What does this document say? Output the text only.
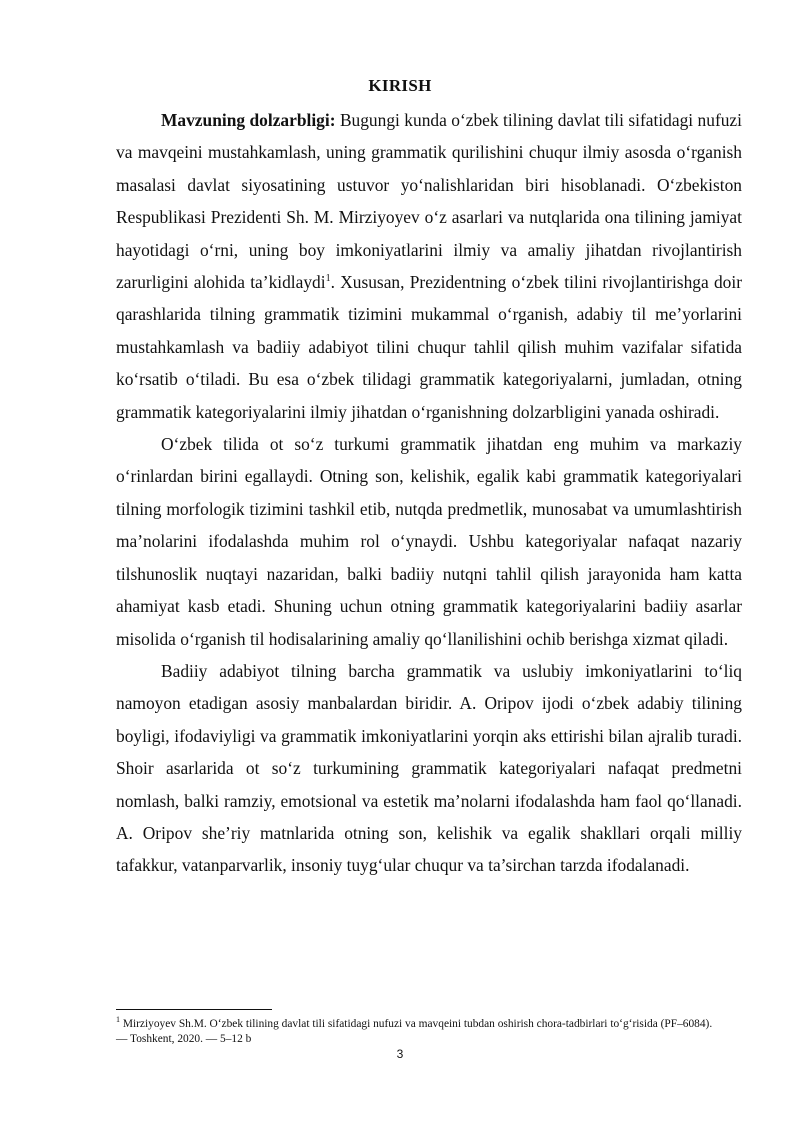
KIRISH

Mavzuning dolzarbligi: Bugungi kunda o‘zbek tilining davlat tili sifatidagi nufuzi va mavqeini mustahkamlash, uning grammatik qurilishini chuqur ilmiy asosda o‘rganish masalasi davlat siyosatining ustuvor yo‘nalishlaridan biri hisoblanadi. O‘zbekiston Respublikasi Prezidenti Sh. M. Mirziyoyev o‘z asarlari va nutqlarida ona tilining jamiyat hayotidagi o‘rni, uning boy imkoniyatlarini ilmiy va amaliy jihatdan rivojlantirish zarurligini alohida ta’kidlaydi$^1$. Xususan, Prezidentning o‘zbek tilini rivojlantirishga doir qarashlarida tilning grammatik tizimini mukammal o‘rganish, adabiy til me’yorlarini mustahkamlash va badiiy adabiyot tilini chuqur tahlil qilish muhim vazifalar sifatida ko‘rsatib o‘tiladi. Bu esa o‘zbek tilidagi grammatik kategoriyalarni, jumladan, otning grammatik kategoriyalarini ilmiy jihatdan o‘rganishning dolzarbligini yanada oshiradi.

O‘zbek tilida ot so‘z turkumi grammatik jihatdan eng muhim va markaziy o‘rinlardan birini egallaydi. Otning son, kelishik, egalik kabi grammatik kategoriyalari tilning morfologik tizimini tashkil etib, nutqda predmetlik, munosabat va umumlashtirish ma’nolarini ifodalashda muhim rol o‘ynaydi. Ushbu kategoriyalar nafaqat nazariy tilshunoslik nuqtayi nazaridan, balki badiiy nutqni tahlil qilish jarayonida ham katta ahamiyat kasb etadi. Shuning uchun otning grammatik kategoriyalarini badiiy asarlar misolida o‘rganish til hodisalarining amaliy qo‘llanilishini ochib berishga xizmat qiladi.

Badiiy adabiyot tilning barcha grammatik va uslubiy imkoniyatlarini to‘liq namoyon etadigan asosiy manbalardan biridir. A. Oripov ijodi o‘zbek adabiy tilining boyligi, ifodaviyligi va grammatik imkoniyatlarini yorqin aks ettirishi bilan ajralib turadi. Shoir asarlarida ot so‘z turkumining grammatik kategoriyalari nafaqat predmetni nomlash, balki ramziy, emotsional va estetik ma’nolarni ifodalashda ham faol qo‘llanadi. A. Oripov she’riy matnlarida otning son, kelishik va egalik shakllari orqali milliy tafakkur, vatanparvarlik, insoniy tuyg‘ular chuqur va ta’sirchan tarzda ifodalanadi.

$^1$ Mirziyoyev Sh.M. O‘zbek tilining davlat tili sifatidagi nufuzi va mavqeini tubdan oshirish chora-tadbirlari to‘g‘risida (PF–6084). — Toshkent, 2020. — 5–12 b
3
